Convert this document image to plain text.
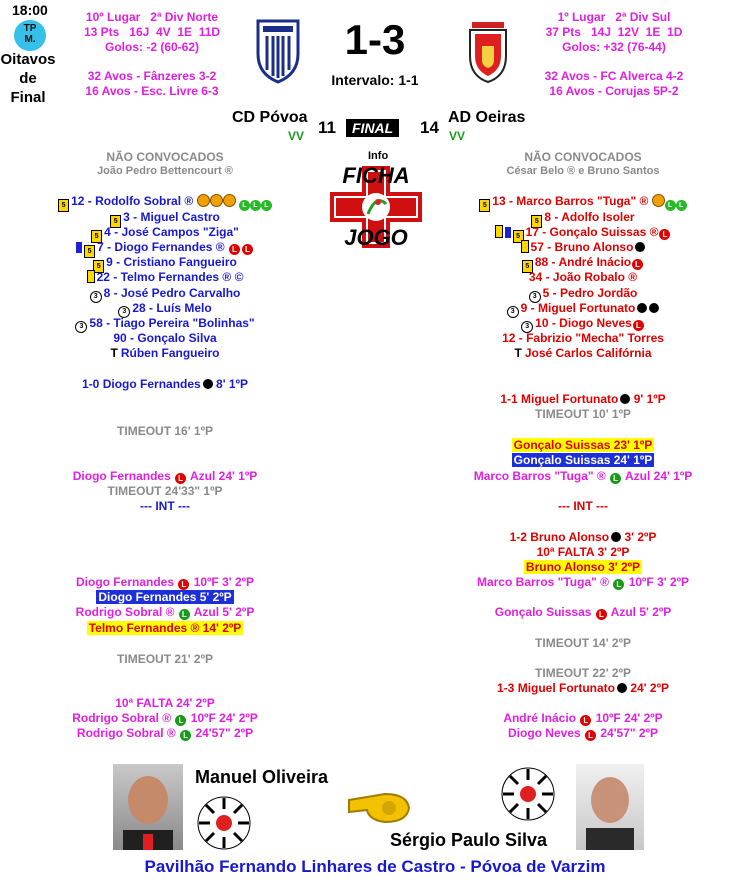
18:00
TP
M.
Oitavos
de
Final
10º Lugar   2ª Div Norte
13 Pts   16J  4V  1E  11D
Golos: -2 (60-62)
32 Avos - Fânzeres 3-2
16 Avos - Esc. Livre 6-3
1-3
Intervalo: 1-1
1º Lugar   2ª Div Sul
37 Pts   14J  12V  1E  1D
Golos: +32 (76-44)
32 Avos - FC Alverca 4-2
16 Avos - Corujas 5P-2
CD Póvoa
VV 11	FINAL	14
AD Oeiras
VV
Info
FICHA
JOGO
NÃO CONVOCADOS
João Pedro Bettencourt ®
5 12 - Rodolfo Sobral ®	L L L
5 3 - Miguel Castro
5 4 - José Campos "Ziga"
5 7 - Diogo Fernandes ® L L
5 9 - Cristiano Fangueiro
22 - Telmo Fernandes ® ©
3 8 - José Pedro Carvalho
3 28 - Luís Melo
3 58 - Tiago Pereira "Bolinhas"
90 - Gonçalo Silva
T Rúben Fangueiro
NÃO CONVOCADOS
César Belo ® e Bruno Santos
5 13 - Marco Barros "Tuga" ®	L L
5 8 - Adolfo Isoler
5 17 - Gonçalo Suissas ® L
57 - Bruno Alonso
5 88 - André Inácio L
34 - João Robalo ®
3 5 - Pedro Jordão
3 9 - Miguel Fortunato
3 10 - Diogo Neves L
12 - Fabrizio "Mecha" Torres
T José Carlos Califórnia
1-0 Diogo Fernandes 8' 1ºP
TIMEOUT 16' 1ºP
Diogo Fernandes L Azul 24' 1ºP
TIMEOUT 24'33" 1ºP
--- INT ---
Diogo Fernandes L 10ºF 3' 2ºP
Diogo Fernandes 5' 2ºP
Rodrigo Sobral ® L Azul 5' 2ºP
Telmo Fernandes ® 14' 2ºP
TIMEOUT 21' 2ºP
10ª FALTA 24' 2ºP
Rodrigo Sobral ® L 10ºF 24' 2ºP
Rodrigo Sobral ® L 24'57" 2ºP
1-1 Miguel Fortunato 9' 1ºP
TIMEOUT 10' 1ºP
Gonçalo Suissas 23' 1ºP
Gonçalo Suissas 24' 1ºP
Marco Barros "Tuga" ® L Azul 24' 1ºP
--- INT ---
1-2 Bruno Alonso 3' 2ºP
10ª FALTA 3' 2ºP
Bruno Alonso 3' 2ºP
Marco Barros "Tuga" ® L 10ºF 3' 2ºP
Gonçalo Suissas L Azul 5' 2ºP
TIMEOUT 14' 2ºP
TIMEOUT 22' 2ºP
1-3 Miguel Fortunato 24' 2ºP
André Inácio L 10ºF 24' 2ºP
Diogo Neves L 24'57" 2ºP
Manuel Oliveira
Sérgio Paulo Silva
Pavilhão Fernando Linhares de Castro - Póvoa de Varzim
